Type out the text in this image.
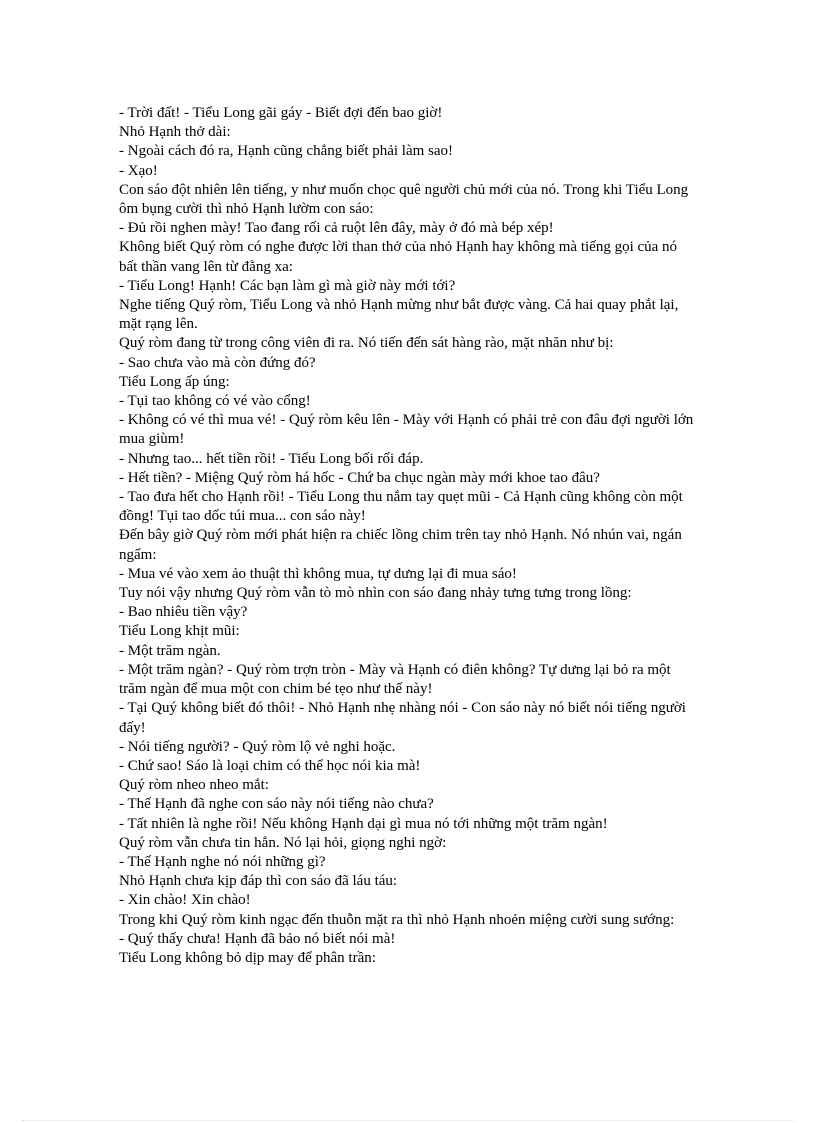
- Trời đất! - Tiểu Long gãi gáy - Biết đợi đến bao giờ!

Nhỏ Hạnh thở dài:

- Ngoài cách đó ra, Hạnh cũng chẳng biết phải làm sao!

- Xạo!

Con sáo đột nhiên lên tiếng, y như muốn chọc quê người chủ mới của nó. Trong khi Tiểu Long ôm bụng cười thì nhỏ Hạnh lườm con sáo:

- Đủ rồi nghen mày! Tao đang rối cả ruột lên đây, mày ở đó mà bép xép!

Không biết Quý ròm có nghe được lời than thở của nhỏ Hạnh hay không mà tiếng gọi của nó bất thần vang lên từ đằng xa:

- Tiểu Long! Hạnh! Các bạn làm gì mà giờ này mới tới?

Nghe tiếng Quý ròm, Tiểu Long và nhỏ Hạnh mừng như bắt được vàng. Cả hai quay phắt lại, mặt rạng lên.

Quý ròm đang từ trong công viên đi ra. Nó tiến đến sát hàng rào, mặt nhăn như bị:

- Sao chưa vào mà còn đứng đó?

Tiểu Long ấp úng:

- Tụi tao không có vé vào cổng!

- Không có vé thì mua vé! - Quý ròm kêu lên - Mày với Hạnh có phải trẻ con đâu đợi người lớn mua giùm!

- Nhưng tao... hết tiền rồi! - Tiểu Long bối rối đáp.

- Hết tiền? - Miệng Quý ròm há hốc - Chứ ba chục ngàn mày mới khoe tao đâu?

- Tao đưa hết cho Hạnh rồi! - Tiểu Long thu nắm tay quẹt mũi - Cả Hạnh cũng không còn một đồng! Tụi tao dốc túi mua... con sáo này!

Đến bây giờ Quý ròm mới phát hiện ra chiếc lồng chim trên tay nhỏ Hạnh. Nó nhún vai, ngán ngẩm:

- Mua vé vào xem ảo thuật thì không mua, tự dưng lại đi mua sáo!

Tuy nói vậy nhưng Quý ròm vẫn tò mò nhìn con sáo đang nhảy tưng tưng trong lồng:

- Bao nhiêu tiền vậy?

Tiểu Long khịt mũi:

- Một trăm ngàn.

- Một trăm ngàn? - Quý ròm trợn tròn - Mày và Hạnh có điên không? Tự dưng lại bỏ ra một trăm ngàn để mua một con chim bé tẹo như thế này!

- Tại Quý không biết đó thôi! - Nhỏ Hạnh nhẹ nhàng nói - Con sáo này nó biết nói tiếng người đấy!

- Nói tiếng người? - Quý ròm lộ vẻ nghi hoặc.

- Chứ sao! Sáo là loại chim có thể học nói kia mà!

Quý ròm nheo nheo mắt:

- Thế Hạnh đã nghe con sáo này nói tiếng nào chưa?

- Tất nhiên là nghe rồi! Nếu không Hạnh dại gì mua nó tới những một trăm ngàn!

Quý ròm vẫn chưa tin hẳn. Nó lại hỏi, giọng nghi ngờ:

- Thế Hạnh nghe nó nói những gì?

Nhỏ Hạnh chưa kịp đáp thì con sáo đã láu táu:

- Xin chào! Xin chào!

Trong khi Quý ròm kinh ngạc đến thuỗn mặt ra thì nhỏ Hạnh nhoẻn miệng cười sung sướng:

- Quý thấy chưa! Hạnh đã bảo nó biết nói mà!

Tiểu Long không bỏ dịp may để phân trần:
